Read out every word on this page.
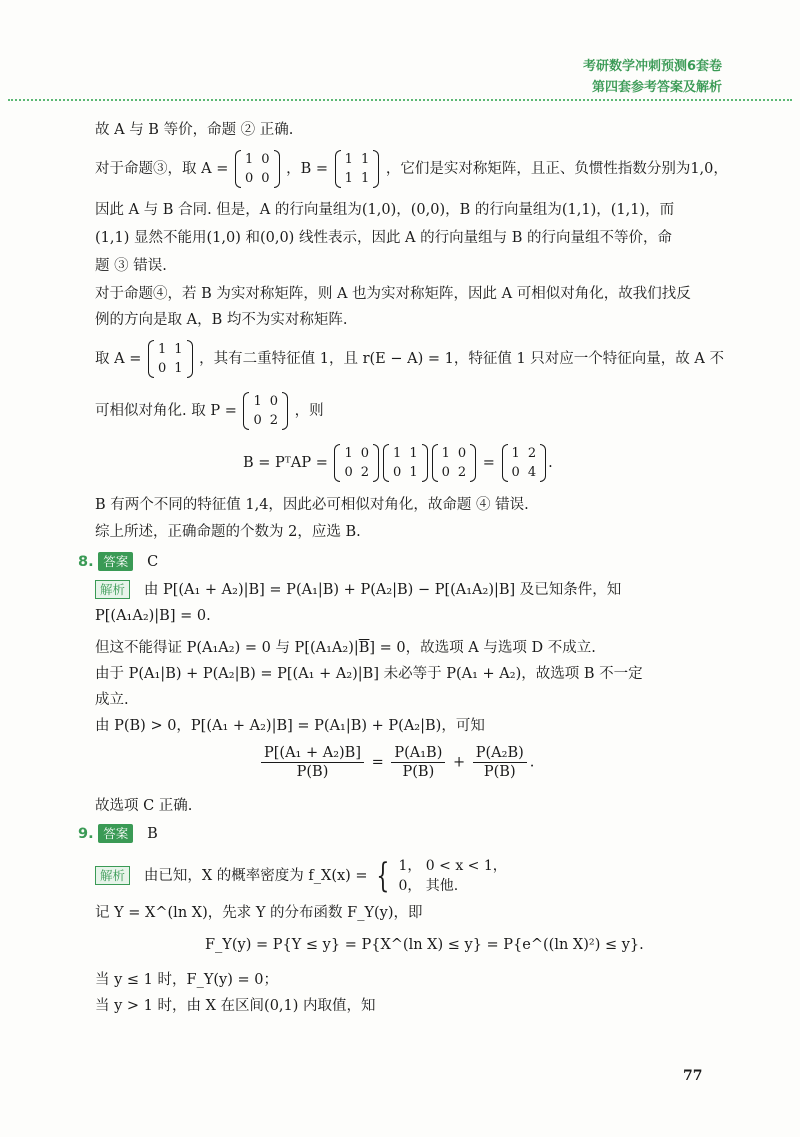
考研数学冲刺预测6套卷
第四套参考答案及解析
故 A 与 B 等价，命题 ② 正确.
对于命题③，取 A =
1	0
0	0
，B =
1	1
1	1
，它们是实对称矩阵，且正、负惯性指数分别为1,0，
因此 A 与 B 合同. 但是，A 的行向量组为(1,0)，(0,0)，B 的行向量组为(1,1)，(1,1)，而
(1,1) 显然不能用(1,0) 和(0,0) 线性表示，因此 A 的行向量组与 B 的行向量组不等价，命
题 ③ 错误.
对于命题④，若 B 为实对称矩阵，则 A 也为实对称矩阵，因此 A 可相似对角化，故我们找反
例的方向是取 A，B 均不为实对称矩阵.
取 A =
1	1
0	1
，其有二重特征值 1，且 r(E − A) = 1，特征值 1 只对应一个特征向量，故 A 不
可相似对角化. 取 P =
1	0
0	2
，则
B = PᵀAP =
1	0
0	2
1	1
0	1
1	0
0	2
=
1	2
0	4
.
B 有两个不同的特征值 1,4，因此必可相似对角化，故命题 ④ 错误.
综上所述，正确命题的个数为 2，应选 B.
8. 答案 C
解析 由 P[(A₁ + A₂)|B] = P(A₁|B) + P(A₂|B) − P[(A₁A₂)|B] 及已知条件，知
P[(A₁A₂)|B] = 0.
但这不能得证 P(A₁A₂) = 0 与 $P[(A_1A_2)|\overline{B}] = 0$，故选项 A 与选项 D 不成立.
由于 P(A₁|B) + P(A₂|B) = P[(A₁ + A₂)|B] 未必等于 P(A₁ + A₂)，故选项 B 不一定
成立.
由 P(B) > 0，P[(A₁ + A₂)|B] = P(A₁|B) + P(A₂|B)，可知
$\frac{\text{P[(A₁ + A₂)B]}}{P(B)} = \frac{\text{P(A₁B)}}{P(B)} + \frac{\text{P(A₂B)}}{P(B)}$ .
故选项 C 正确.
9. 答案 B
解析 由已知，X 的概率密度为 f_X(x) = { 1， 0 < x < 1，
0， 其他.
记 Y = X^(ln X)，先求 Y 的分布函数 F_Y(y)，即
F_Y(y) = P{Y ≤ y} = P{X^(ln X) ≤ y} = P{e^((ln X)²) ≤ y}.
当 y ≤ 1 时，F_Y(y) = 0；
当 y > 1 时，由 X 在区间(0,1) 内取值，知
77
